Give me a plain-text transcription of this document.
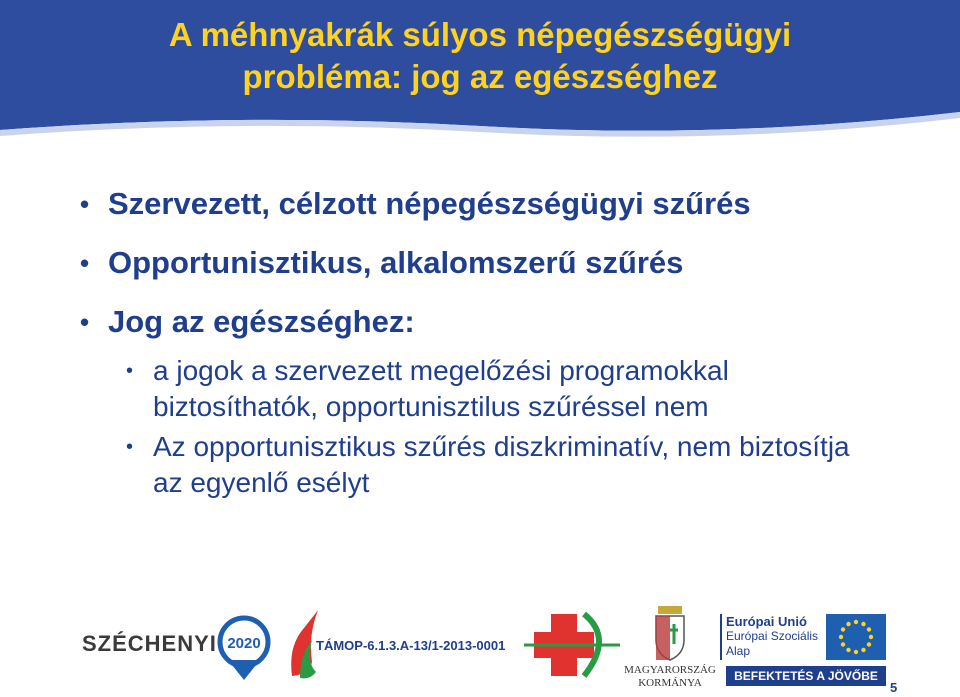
A méhnyakrák súlyos népegészségügyi
probléma: jog az egészséghez
• Szervezett, célzott népegészségügyi szűrés
• Opportunisztikus, alkalomszerű szűrés
• Jog az egészséghez:
• a jogok a szervezett megelőzési programokkal biztosíthatók, opportunisztilus szűréssel nem
• Az opportunisztikus szűrés diszkriminatív, nem biztosítja az egyenlő esélyt
SZÉCHENYI 2020	TÁMOP-6.1.3.A-13/1-2013-0001
MAGYARORSZÁG
KORMÁNYA
Európai Unió
Európai Szociális
Alap
BEFEKTETÉS A JÖVŐBE
5
